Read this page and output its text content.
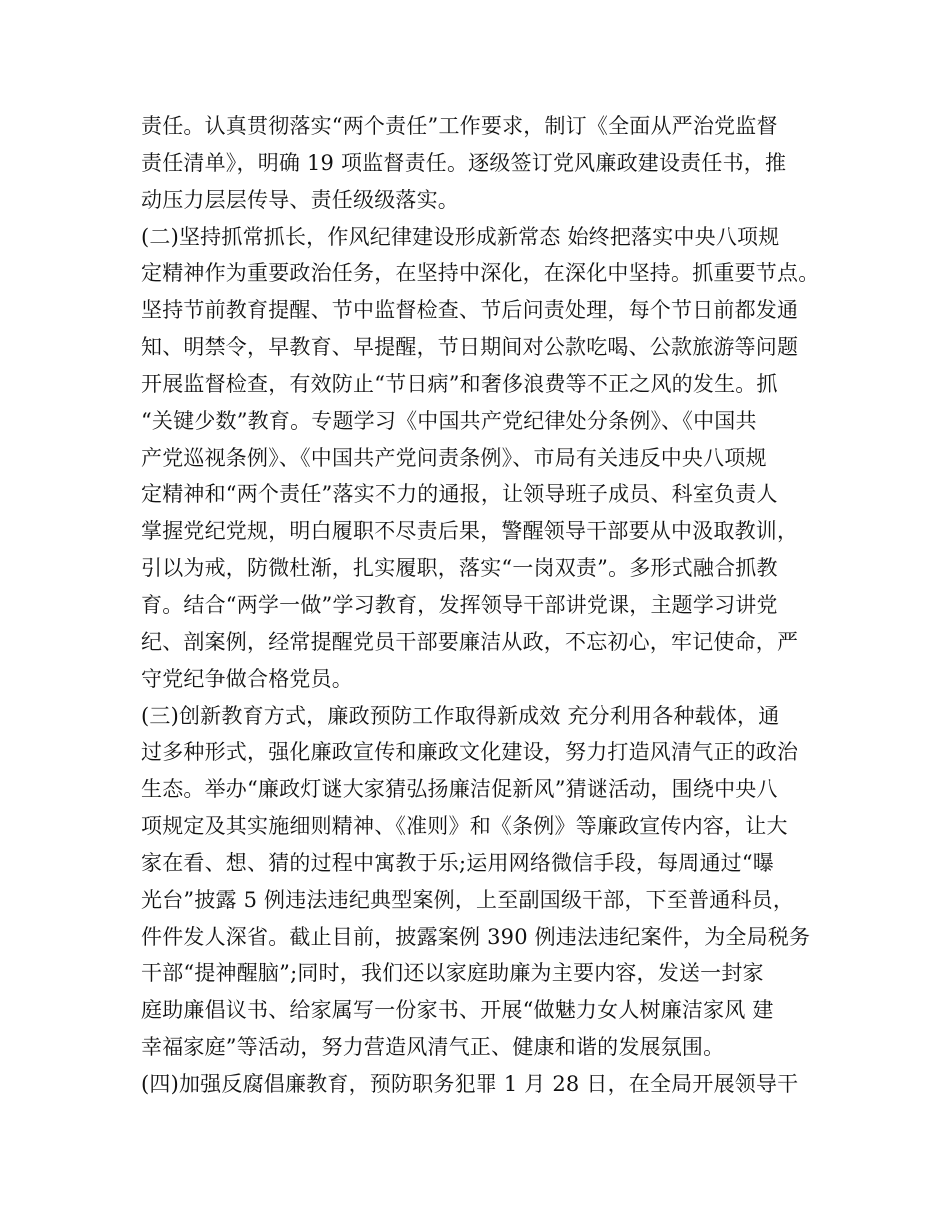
责任。认真贯彻落实“两个责任”工作要求，制订《全面从严治党监督
责任清单》，明确 19 项监督责任。逐级签订党风廉政建设责任书，推
动压力层层传导、责任级级落实。
(二)坚持抓常抓长，作风纪律建设形成新常态 始终把落实中央八项规
定精神作为重要政治任务，在坚持中深化，在深化中坚持。抓重要节点。
坚持节前教育提醒、节中监督检查、节后问责处理，每个节日前都发通
知、明禁令，早教育、早提醒，节日期间对公款吃喝、公款旅游等问题
开展监督检查，有效防止“节日病”和奢侈浪费等不正之风的发生。抓
“关键少数”教育。专题学习《中国共产党纪律处分条例》、《中国共
产党巡视条例》、《中国共产党问责条例》、市局有关违反中央八项规
定精神和“两个责任”落实不力的通报，让领导班子成员、科室负责人
掌握党纪党规，明白履职不尽责后果，警醒领导干部要从中汲取教训，
引以为戒，防微杜渐，扎实履职，落实“一岗双责”。多形式融合抓教
育。结合“两学一做”学习教育，发挥领导干部讲党课，主题学习讲党
纪、剖案例，经常提醒党员干部要廉洁从政，不忘初心，牢记使命，严
守党纪争做合格党员。
(三)创新教育方式，廉政预防工作取得新成效 充分利用各种载体，通
过多种形式，强化廉政宣传和廉政文化建设，努力打造风清气正的政治
生态。举办“廉政灯谜大家猜弘扬廉洁促新风”猜谜活动，围绕中央八
项规定及其实施细则精神、《准则》和《条例》等廉政宣传内容，让大
家在看、想、猜的过程中寓教于乐;运用网络微信手段，每周通过“曝
光台”披露 5 例违法违纪典型案例，上至副国级干部，下至普通科员，
件件发人深省。截止目前，披露案例 390 例违法违纪案件，为全局税务
干部“提神醒脑”;同时，我们还以家庭助廉为主要内容，发送一封家
庭助廉倡议书、给家属写一份家书、开展“做魅力女人树廉洁家风 建
幸福家庭”等活动，努力营造风清气正、健康和谐的发展氛围。
(四)加强反腐倡廉教育，预防职务犯罪 1 月 28 日，在全局开展领导干
